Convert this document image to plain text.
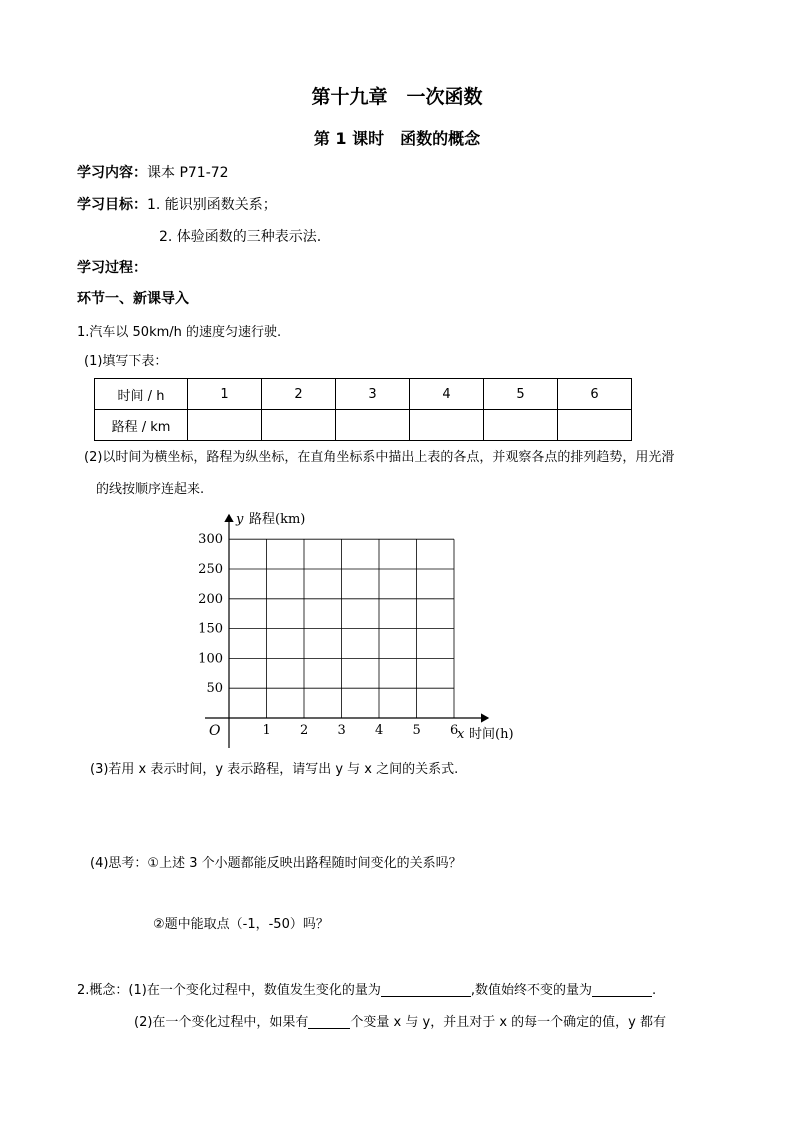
第十九章　一次函数
第 1 课时　函数的概念
学习内容：课本 P71-72
学习目标：1. 能识别函数关系；
2. 体验函数的三种表示法.
学习过程：
环节一、新课导入
1.汽车以 50km/h 的速度匀速行驶.
(1)填写下表：
时间 / h	1	2	3	4	5	6
路程 / km						
(2)以时间为横坐标，路程为纵坐标，在直角坐标系中描出上表的各点，并观察各点的排列趋势，用光滑
的线按顺序连起来.
1 2 3 4 5 6
50
100
150
200
250
300
O	x 时间(h)
y 路程(km)
(3)若用 x 表示时间，y 表示路程，请写出 y 与 x 之间的关系式.
(4)思考：①上述 3 个小题都能反映出路程随时间变化的关系吗？
②题中能取点（-1，-50）吗？
2.概念：(1)在一个变化过程中，数值发生变化的量为	,数值始终不变的量为	.
(2)在一个变化过程中，如果有	个变量 x 与 y，并且对于 x 的每一个确定的值，y 都有
